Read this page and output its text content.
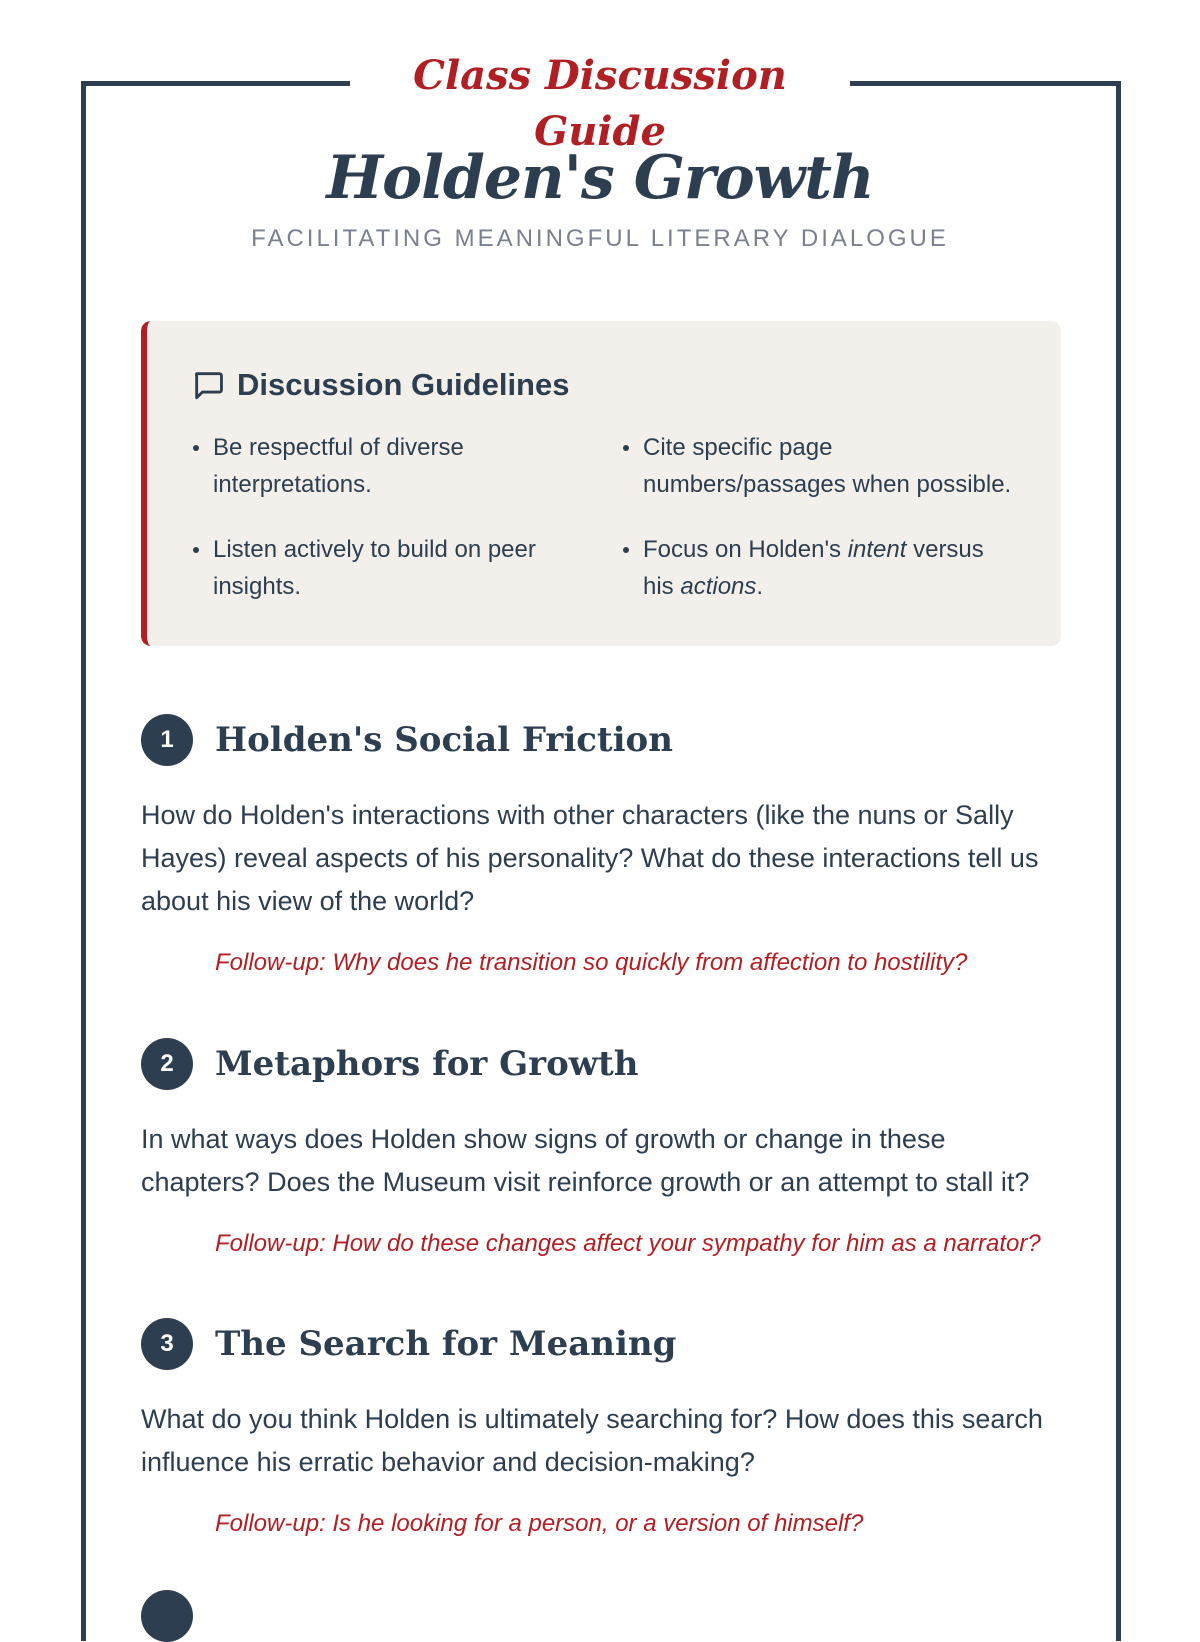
Class Discussion Guide
Holden's Growth
FACILITATING MEANINGFUL LITERARY DIALOGUE
Discussion Guidelines
Be respectful of diverse interpretations.
Cite specific page numbers/passages when possible.
Listen actively to build on peer insights.
Focus on Holden's intent versus his actions.
1	Holden's Social Friction
How do Holden's interactions with other characters (like the nuns or Sally Hayes) reveal aspects of his personality? What do these interactions tell us about his view of the world?
Follow-up: Why does he transition so quickly from affection to hostility?
2	Metaphors for Growth
In what ways does Holden show signs of growth or change in these chapters? Does the Museum visit reinforce growth or an attempt to stall it?
Follow-up: How do these changes affect your sympathy for him as a narrator?
3	The Search for Meaning
What do you think Holden is ultimately searching for? How does this search influence his erratic behavior and decision-making?
Follow-up: Is he looking for a person, or a version of himself?
